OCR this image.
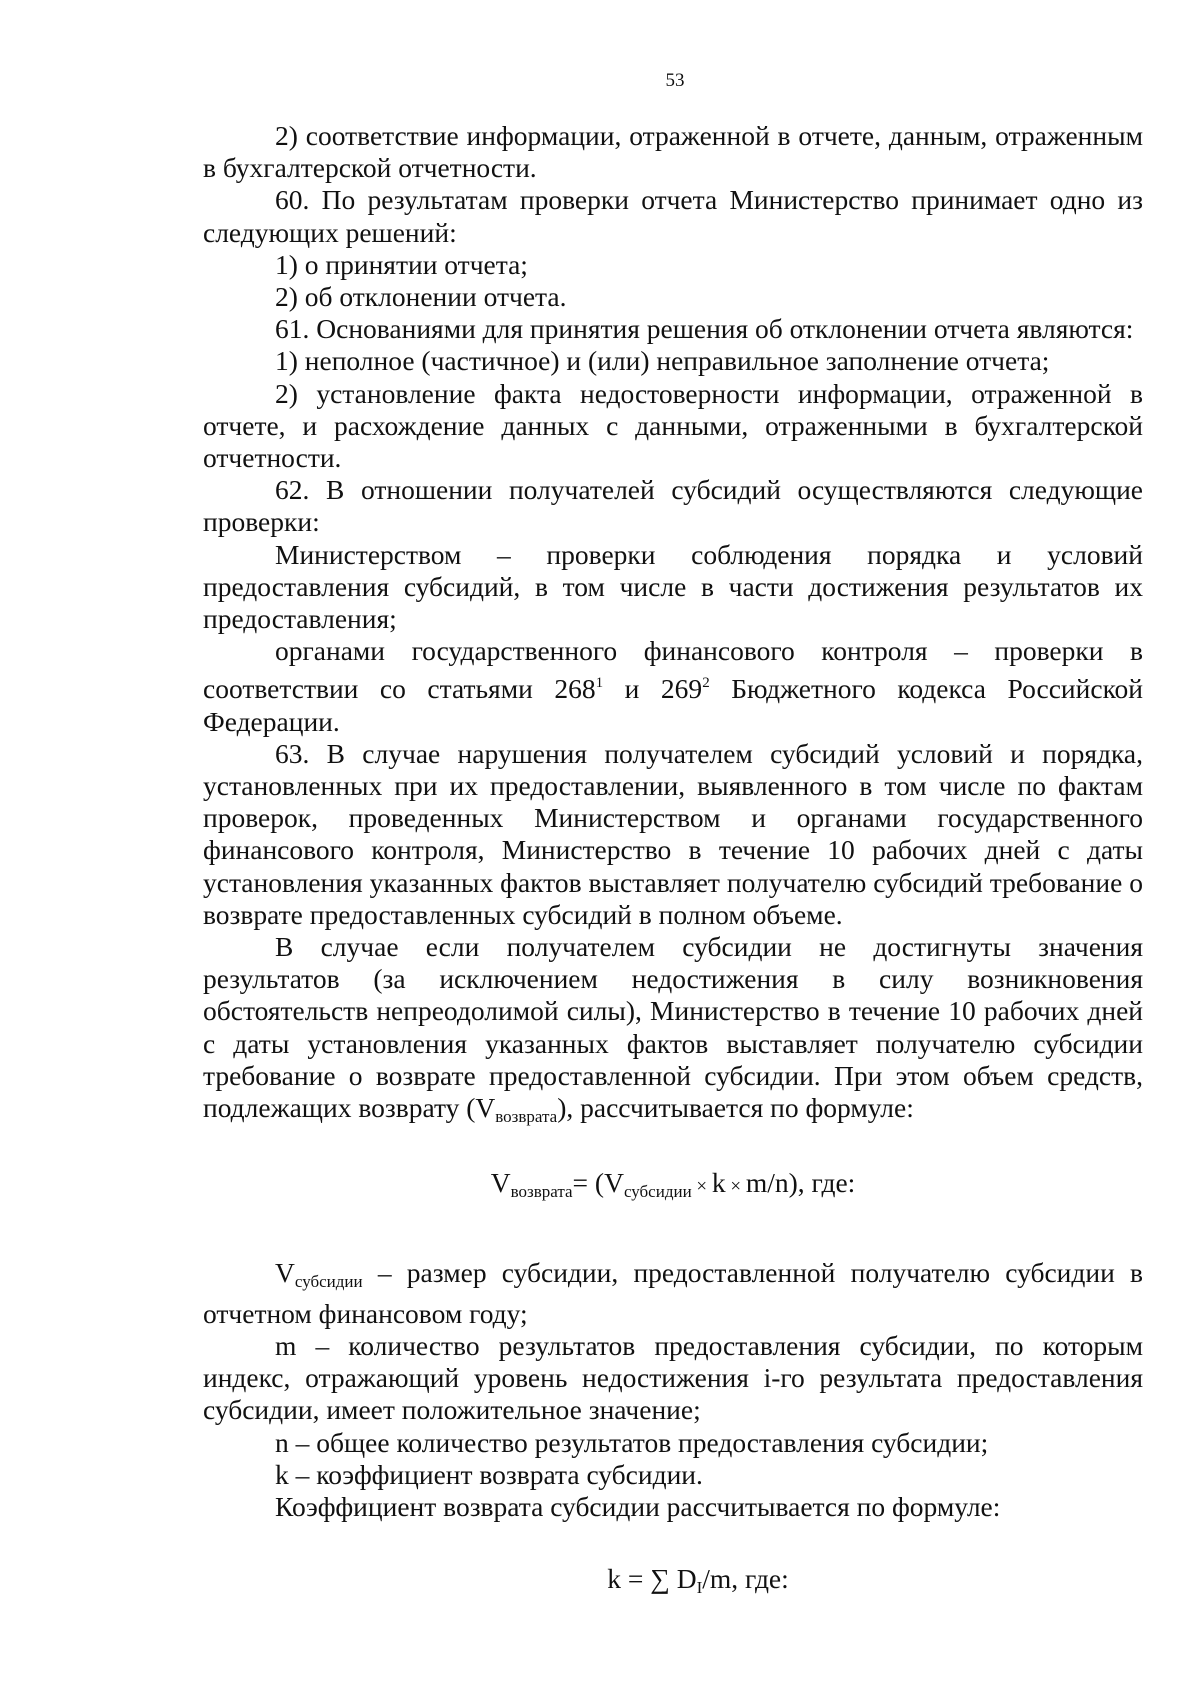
53

2) соответствие информации, отраженной в отчете, данным, отраженным в бухгалтерской отчетности.

60. По результатам проверки отчета Министерство принимает одно из следующих решений:

1) о принятии отчета;

2) об отклонении отчета.

61. Основаниями для принятия решения об отклонении отчета являются:

1) неполное (частичное) и (или) неправильное заполнение отчета;

2) установление факта недостоверности информации, отраженной в отчете, и расхождение данных с данными, отраженными в бухгалтерской отчетности.

62. В отношении получателей субсидий осуществляются следующие проверки:

Министерством – проверки соблюдения порядка и условий предоставления субсидий, в том числе в части достижения результатов их предоставления;

органами государственного финансового контроля – проверки в соответствии со статьями $268^1$ и $269^2$ Бюджетного кодекса Российской Федерации.

63. В случае нарушения получателем субсидий условий и порядка, установленных при их предоставлении, выявленного в том числе по фактам проверок, проведенных Министерством и органами государственного финансового контроля, Министерство в течение 10 рабочих дней с даты установления указанных фактов выставляет получателю субсидий требование о возврате предоставленных субсидий в полном объеме.

В случае если получателем субсидии не достигнуты значения результатов (за исключением недостижения в силу возникновения обстоятельств непреодолимой силы), Министерство в течение 10 рабочих дней с даты установления указанных фактов выставляет получателю субсидии требование о возврате предоставленной субсидии. При этом объем средств, подлежащих возврату $(V_{возврата})$, рассчитывается по формуле:

$V_{возврата}= (V_{субсидии} \times k \times m/n)$, где:

$V_{субсидии}$ – размер субсидии, предоставленной получателю субсидии в отчетном финансовом году;

m – количество результатов предоставления субсидии, по которым индекс, отражающий уровень недостижения i-го результата предоставления субсидии, имеет положительное значение;

n – общее количество результатов предоставления субсидии;

k – коэффициент возврата субсидии.

Коэффициент возврата субсидии рассчитывается по формуле:

k = ∑ $D_I/m$, где:
